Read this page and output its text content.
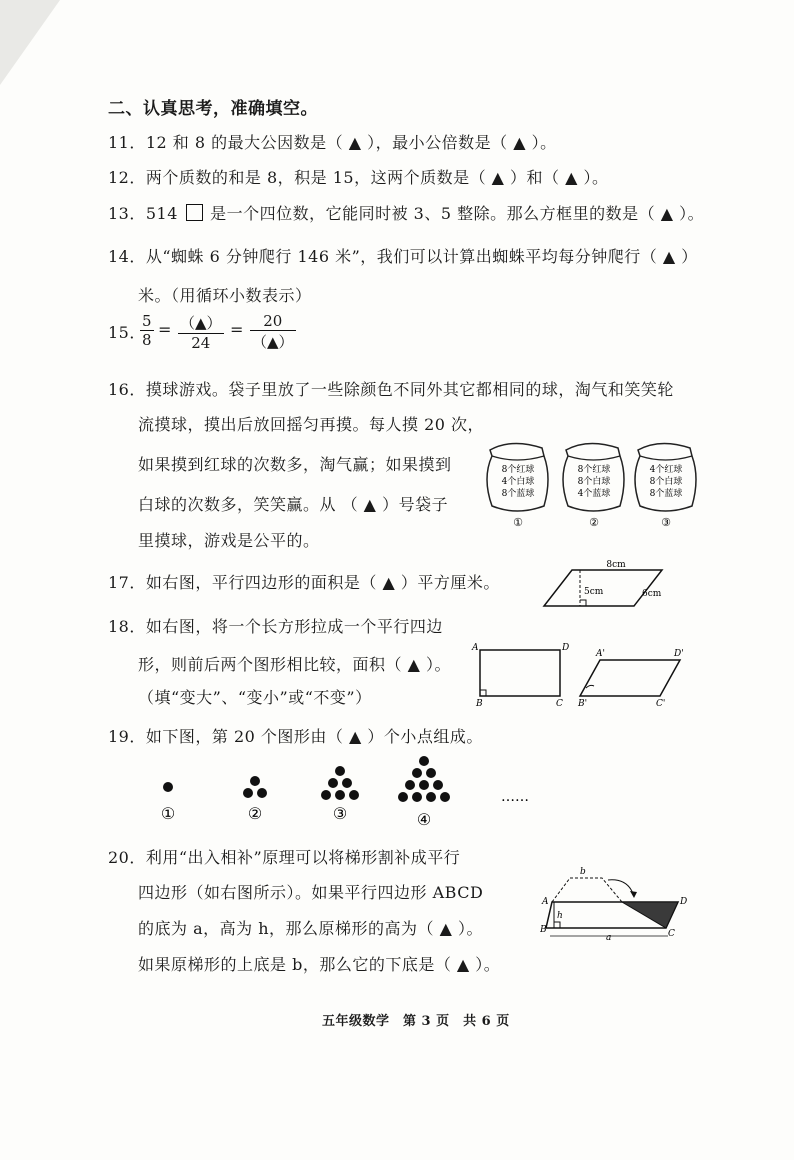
二、认真思考，准确填空。
11．12 和 8 的最大公因数是（ ▲ ），最小公倍数是（ ▲ ）。
12．两个质数的和是 8，积是 15，这两个质数是（ ▲ ）和（ ▲ ）。
13．514 是一个四位数，它能同时被 3、5 整除。那么方框里的数是（ ▲ ）。
14．从“蜘蛛 6 分钟爬行 146 米”，我们可以计算出蜘蛛平均每分钟爬行（ ▲ ）
米。（用循环小数表示）
15．
$\frac{5}{8}$ = （▲）
24
=	20
（▲）
16．摸球游戏。袋子里放了一些除颜色不同外其它都相同的球，淘气和笑笑轮
流摸球，摸出后放回摇匀再摸。每人摸 20 次，
如果摸到红球的次数多，淘气赢；如果摸到
白球的次数多，笑笑赢。从 （ ▲ ）号袋子
里摸球，游戏是公平的。
8个红球
4个白球
8个蓝球
①
8个红球
8个白球
4个蓝球
②
4个红球
8个白球
8个蓝球
③
17．如右图，平行四边形的面积是（ ▲ ）平方厘米。
8cm
5cm	6cm
18．如右图，将一个长方形拉成一个平行四边
形，则前后两个图形相比较，面积（ ▲ ）。
（填“变大”、“变小”或“不变”）
A	D
B	C
A'	D'
B'	C'
19．如下图，第 20 个图形由（ ▲ ）个小点组成。
①	②	③	④
……
20．利用“出入相补”原理可以将梯形割补成平行
四边形（如右图所示）。如果平行四边形 ABCD
的底为 a，高为 h，那么原梯形的高为（ ▲ ）。
如果原梯形的上底是 b，那么它的下底是（ ▲ ）。
b
h
a
A
B	C
D
五年级数学　第 3 页　共 6 页
